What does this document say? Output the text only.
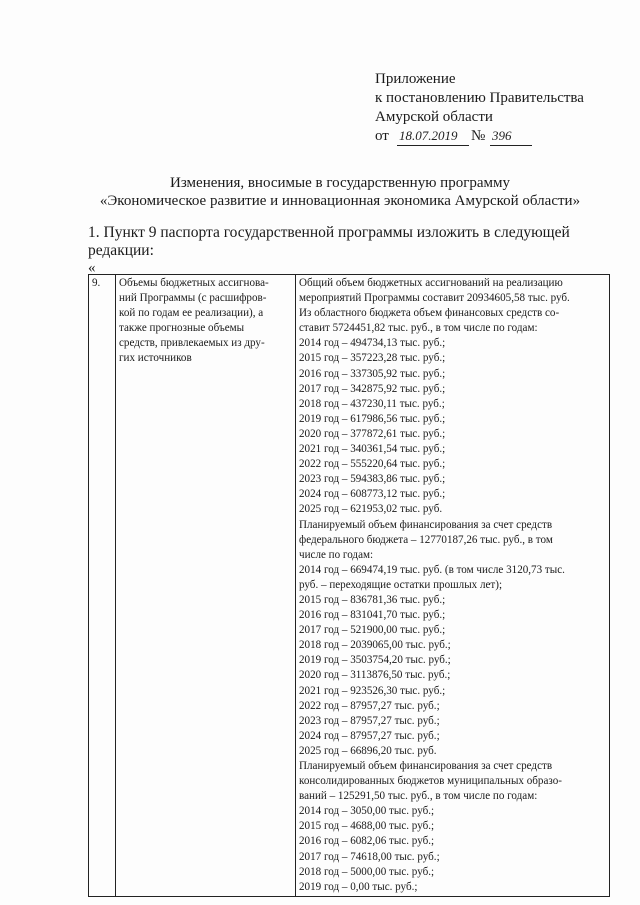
Приложение
к постановлению Правительства
Амурской области
от 18.07.2019 № 396
Изменения, вносимые в государственную программу
«Экономическое развитие и инновационная экономика Амурской области»
1. Пункт 9 паспорта государственной программы изложить в следующей
редакции:
«
9.	Объемы бюджетных ассигнова-
ний Программы (с расшифров-
кой по годам ее реализации), а
также прогнозные объемы
средств, привлекаемых из дру-
гих источников

Общий объем бюджетных ассигнований на реализацию
мероприятий Программы составит 20934605,58 тыс. руб.
Из областного бюджета объем финансовых средств со-
ставит 5724451,82 тыс. руб., в том числе по годам:
2014 год – 494734,13 тыс. руб.;
2015 год – 357223,28 тыс. руб.;
2016 год – 337305,92 тыс. руб.;
2017 год – 342875,92 тыс. руб.;
2018 год – 437230,11 тыс. руб.;
2019 год – 617986,56 тыс. руб.;
2020 год – 377872,61 тыс. руб.;
2021 год – 340361,54 тыс. руб.;
2022 год – 555220,64 тыс. руб.;
2023 год – 594383,86 тыс. руб.;
2024 год – 608773,12 тыс. руб.;
2025 год – 621953,02 тыс. руб.
Планируемый объем финансирования за счет средств
федерального бюджета – 12770187,26 тыс. руб., в том
числе по годам:
2014 год – 669474,19 тыс. руб. (в том числе 3120,73 тыс.
руб. – переходящие остатки прошлых лет);
2015 год – 836781,36 тыс. руб.;
2016 год – 831041,70 тыс. руб.;
2017 год – 521900,00 тыс. руб.;
2018 год – 2039065,00 тыс. руб.;
2019 год – 3503754,20 тыс. руб.;
2020 год – 3113876,50 тыс. руб.;
2021 год – 923526,30 тыс. руб.;
2022 год – 87957,27 тыс. руб.;
2023 год – 87957,27 тыс. руб.;
2024 год – 87957,27 тыс. руб.;
2025 год – 66896,20 тыс. руб.
Планируемый объем финансирования за счет средств
консолидированных бюджетов муниципальных образо-
ваний – 125291,50 тыс. руб., в том числе по годам:
2014 год – 3050,00 тыс. руб.;
2015 год – 4688,00 тыс. руб.;
2016 год – 6082,06 тыс. руб.;
2017 год – 74618,00 тыс. руб.;
2018 год – 5000,00 тыс. руб.;
2019 год – 0,00 тыс. руб.;
